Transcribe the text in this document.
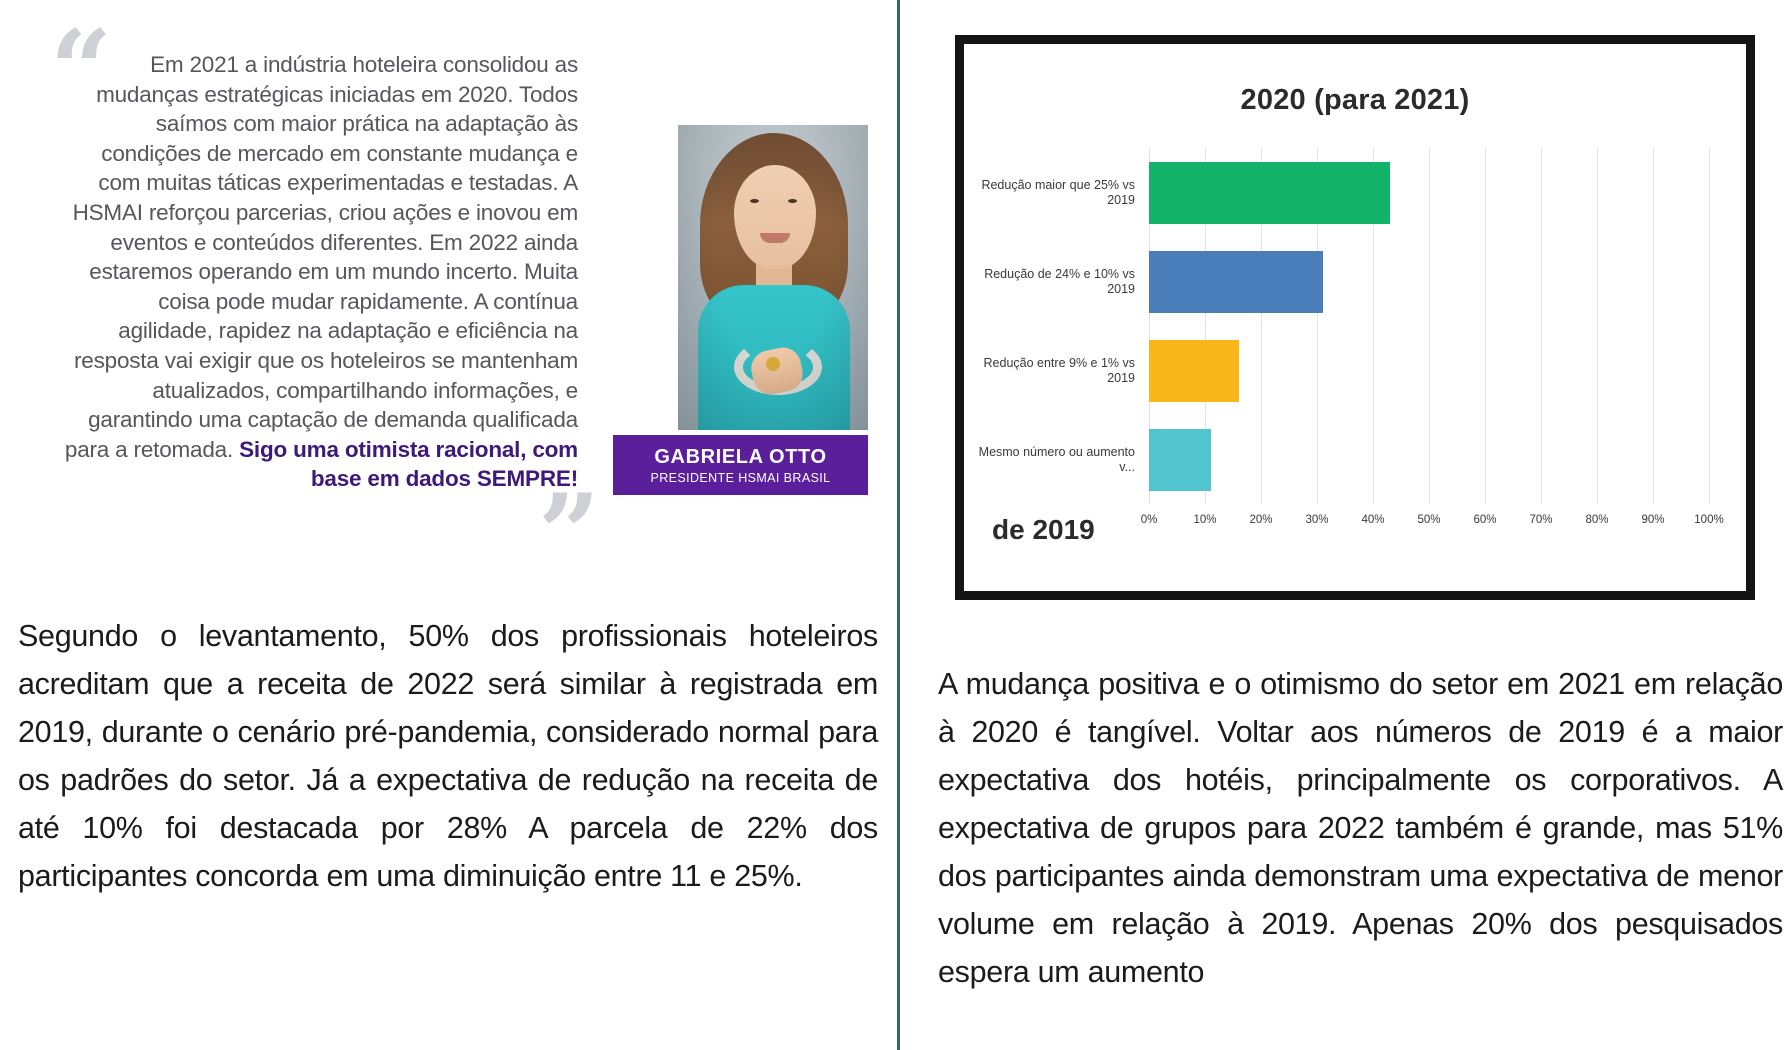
“	Em 2021 a indústria hoteleira consolidou as mudanças estratégicas iniciadas em 2020. Todos saímos com maior prática na adaptação às condições de mercado em constante mudança e com muitas táticas experimentadas e testadas. A HSMAI reforçou parcerias, criou ações e inovou em eventos e conteúdos diferentes. Em 2022 ainda estaremos operando em um mundo incerto. Muita coisa pode mudar rapidamente. A contínua agilidade, rapidez na adaptação e eficiência na resposta vai exigir que os hoteleiros se mantenham atualizados, compartilhando informações, e garantindo uma captação de demanda qualificada para a retomada. Sigo uma otimista racional, com base em dados SEMPRE!
”
GABRIELA OTTO
PRESIDENTE HSMAI BRASIL
Segundo o levantamento, 50% dos profissionais hoteleiros acreditam que a receita de 2022 será similar à registrada em 2019, durante o cenário pré-pandemia, considerado normal para os padrões do setor. Já a expectativa de redução na receita de até 10% foi destacada por 28% A parcela de 22% dos participantes concorda em uma diminuição entre 11 e 25%.
2020 (para 2021)
de 2019
Redução maior que 25% vs 2019
Redução de 24% e 10% vs 2019
Redução entre 9% e 1% vs 2019
Mesmo número ou aumento v...
0%	10%	20%	30%	40%	50%	60%	70%	80%	90%	100%
A mudança positiva e o otimismo do setor em 2021 em relação à 2020 é tangível. Voltar aos números de 2019 é a maior expectativa dos hotéis, principalmente os corporativos. A expectativa de grupos para 2022 também é grande, mas 51% dos participantes ainda demonstram uma expectativa de menor volume em relação à 2019. Apenas 20% dos pesquisados espera um aumento
